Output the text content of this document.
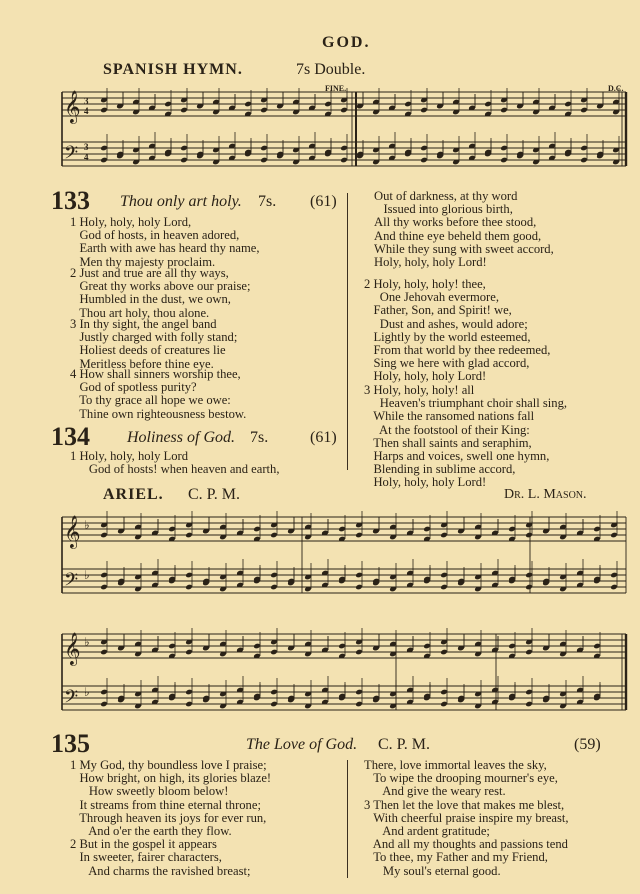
GOD.
SPANISH HYMN.	7s Double.
FINE.	D.C.
𝄞
𝄢
3
4
3
4
133 Thou only art holy. 7s. (61)
1 Holy, holy, holy Lord,
God of hosts, in heaven adored,
Earth with awe has heard thy name,
Men thy majesty proclaim.
2 Just and true are all thy ways,
Great thy works above our praise;
Humbled in the dust, we own,
Thou art holy, thou alone.
3 In thy sight, the angel band
Justly charged with folly stand;
Holiest deeds of creatures lie
Meritless before thine eye.
4 How shall sinners worship thee,
God of spotless purity?
To thy grace all hope we owe:
Thine own righteousness bestow.
134 Holiness of God. 7s.	(61)
1 Holy, holy, holy Lord
God of hosts! when heaven and earth,
Out of darkness, at thy word
Issued into glorious birth,
All thy works before thee stood,
And thine eye beheld them good,
While they sung with sweet accord,
Holy, holy, holy Lord!
2 Holy, holy, holy! thee,
One Jehovah evermore,
Father, Son, and Spirit! we,
Dust and ashes, would adore;
Lightly by the world esteemed,
From that world by thee redeemed,
Sing we here with glad accord,
Holy, holy, holy Lord!
3 Holy, holy, holy! all
Heaven's triumphant choir shall sing,
While the ransomed nations fall
At the footstool of their King:
Then shall saints and seraphim,
Harps and voices, swell one hymn,
Blending in sublime accord,
Holy, holy, holy Lord!
ARIEL. C. P. M.	Dr. L. Mason.
𝄞
𝄢
♭
♭
𝄞
𝄢
♭
♭
135	The Love of God. C. P. M.	(59)
1 My God, thy boundless love I praise;
How bright, on high, its glories blaze!
How sweetly bloom below!
It streams from thine eternal throne;
Through heaven its joys for ever run,
And o'er the earth they flow.
2 But in the gospel it appears
In sweeter, fairer characters,
And charms the ravished breast;
There, love immortal leaves the sky,
To wipe the drooping mourner's eye,
And give the weary rest.
3 Then let the love that makes me blest,
With cheerful praise inspire my breast,
And ardent gratitude;
And all my thoughts and passions tend
To thee, my Father and my Friend,
My soul's eternal good.
